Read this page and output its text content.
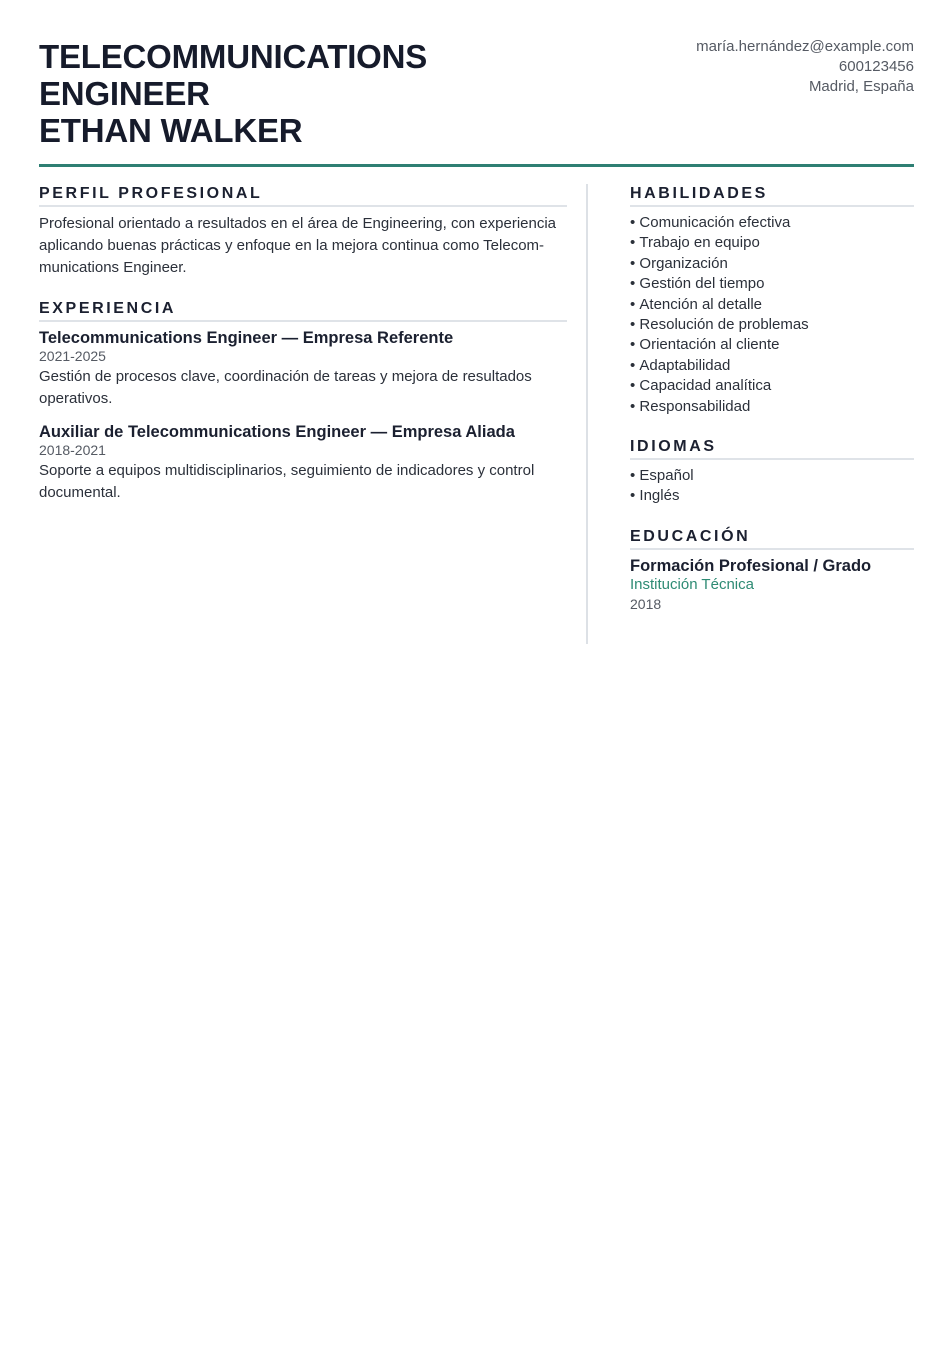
TELECOMMUNICATIONS
ENGINEER
ETHAN WALKER
maría.hernández@example.com
600123456
Madrid, España
PERFIL PROFESIONAL

Profesional orientado a resultados en el área de Engineering, con experiencia aplicando buenas prácticas y enfoque en la mejora continua como Telecom-munications Engineer.

EXPERIENCIA
Telecommunications Engineer — Empresa Referente
2021-2025
Gestión de procesos clave, coordinación de tareas y mejora de resultados operativos.
Auxiliar de Telecommunications Engineer — Empresa Aliada
2018-2021
Soporte a equipos multidisciplinarios, seguimiento de indicadores y control documental.
HABILIDADES
• Comunicación efectiva
• Trabajo en equipo
• Organización
• Gestión del tiempo
• Atención al detalle
• Resolución de problemas
• Orientación al cliente
• Adaptabilidad
• Capacidad analítica
• Responsabilidad
IDIOMAS
• Español
• Inglés
EDUCACIÓN
Formación Profesional / Grado
Institución Técnica
2018
